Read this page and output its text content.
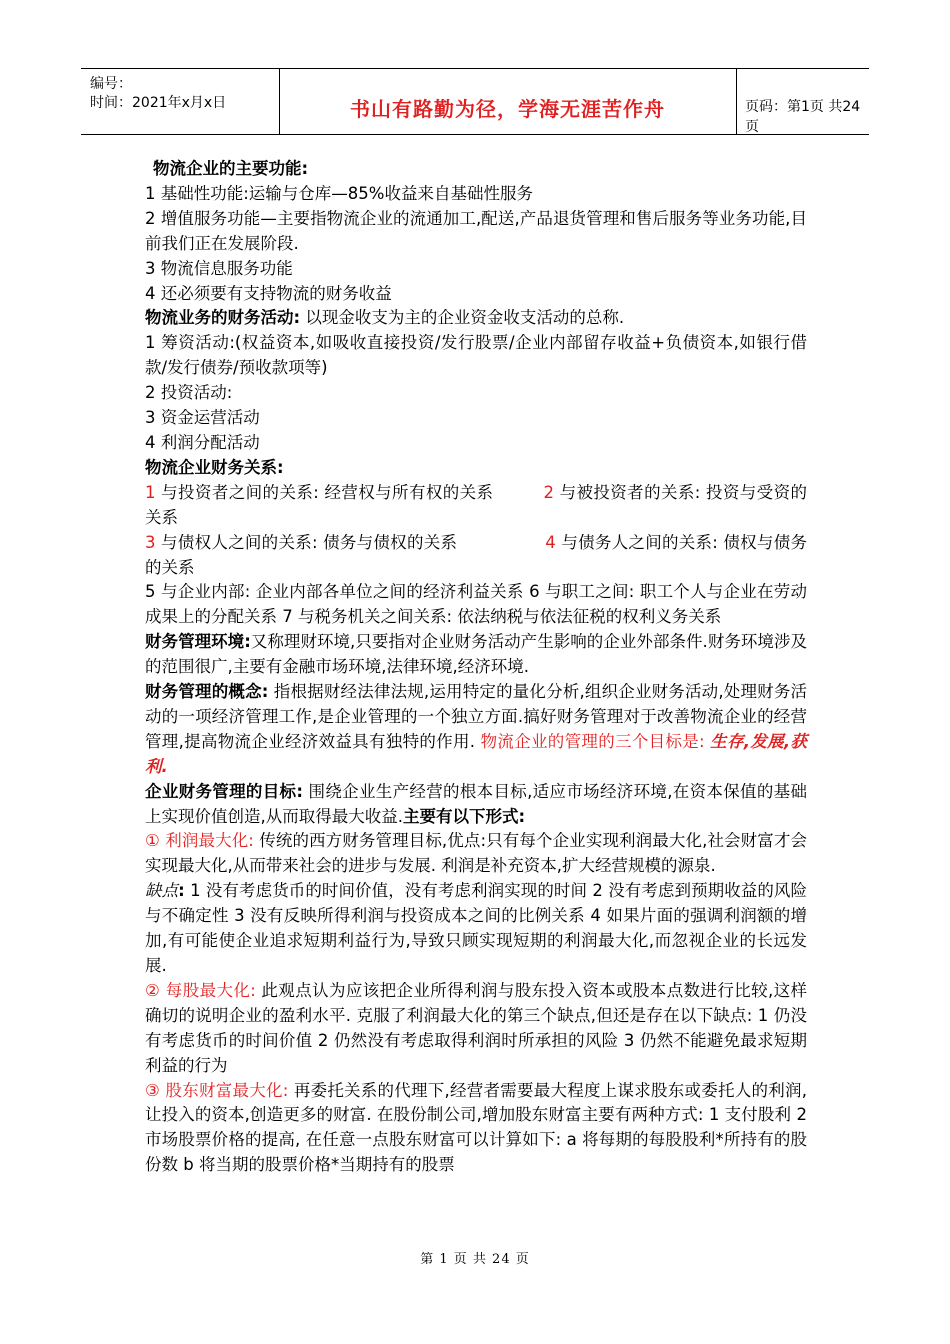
编号：
时间：2021年x月x日	书山有路勤为径，学海无涯苦作舟	页码：第1页 共24页

物流企业的主要功能:

1 基础性功能:运输与仓库—85%收益来自基础性服务

2 增值服务功能—主要指物流企业的流通加工,配送,产品退货管理和售后服务等业务功能,目前我们正在发展阶段.

3 物流信息服务功能

4 还必须要有支持物流的财务收益

物流业务的财务活动: 以现金收支为主的企业资金收支活动的总称.

1 筹资活动:(权益资本,如吸收直接投资/发行股票/企业内部留存收益+负债资本,如银行借款/发行债券/预收款项等)

2 投资活动:

3 资金运营活动

4 利润分配活动

物流企业财务关系:

1 与投资者之间的关系: 经营权与所有权的关系	2 与被投资者的关系: 投资与受资的关系

3 与债权人之间的关系: 债务与债权的关系	4 与债务人之间的关系: 债权与债务的关系

5 与企业内部: 企业内部各单位之间的经济利益关系 6 与职工之间: 职工个人与企业在劳动成果上的分配关系 7 与税务机关之间关系: 依法纳税与依法征税的权利义务关系

财务管理环境:又称理财环境,只要指对企业财务活动产生影响的企业外部条件.财务环境涉及的范围很广,主要有金融市场环境,法律环境,经济环境.

财务管理的概念: 指根据财经法律法规,运用特定的量化分析,组织企业财务活动,处理财务活动的一项经济管理工作,是企业管理的一个独立方面.搞好财务管理对于改善物流企业的经营管理,提高物流企业经济效益具有独特的作用. 物流企业的管理的三个目标是: 生存,发展,获利.

企业财务管理的目标: 围绕企业生产经营的根本目标,适应市场经济环境,在资本保值的基础上实现价值创造,从而取得最大收益.主要有以下形式:

① 利润最大化: 传统的西方财务管理目标,优点:只有每个企业实现利润最大化,社会财富才会实现最大化,从而带来社会的进步与发展. 利润是补充资本,扩大经营规模的源泉.

缺点: 1 没有考虑货币的时间价值，没有考虑利润实现的时间 2 没有考虑到预期收益的风险与不确定性 3 没有反映所得利润与投资成本之间的比例关系 4 如果片面的强调利润额的增加,有可能使企业追求短期利益行为,导致只顾实现短期的利润最大化,而忽视企业的长远发展.

② 每股最大化: 此观点认为应该把企业所得利润与股东投入资本或股本点数进行比较,这样确切的说明企业的盈利水平. 克服了利润最大化的第三个缺点,但还是存在以下缺点: 1 仍没有考虑货币的时间价值 2 仍然没有考虑取得利润时所承担的风险 3 仍然不能避免最求短期利益的行为

③ 股东财富最大化: 再委托关系的代理下,经营者需要最大程度上谋求股东或委托人的利润,让投入的资本,创造更多的财富. 在股份制公司,增加股东财富主要有两种方式: 1 支付股利 2 市场股票价格的提高, 在任意一点股东财富可以计算如下: a 将每期的每股股利*所持有的股份数 b 将当期的股票价格*当期持有的股票

第 1 页 共 24 页
